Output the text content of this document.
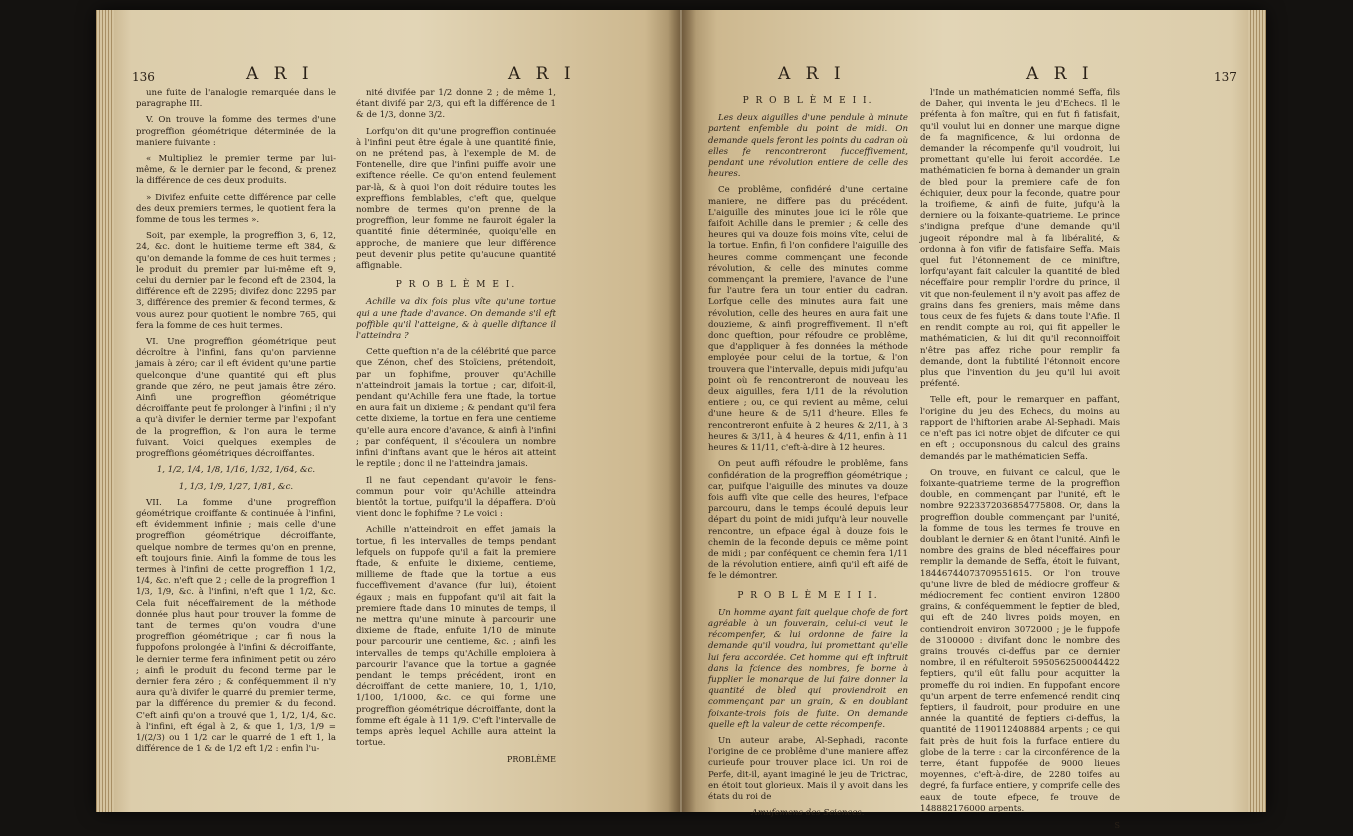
136	A R I	A R I

une fuite de l'analogie remarquée dans le paragraphe III.

V. On trouve la fomme des termes d'une progreffion géométrique déterminée de la maniere fuivante :

« Multipliez le premier terme par lui-même, & le dernier par le fecond, & prenez la différence de ces deux produits.

» Divifez enfuite cette différence par celle des deux premiers termes, le quotient fera la fomme de tous les termes ».

Soit, par exemple, la progreffion 3, 6, 12, 24, &c. dont le huitieme terme eft 384, & qu'on demande la fomme de ces huit termes ; le produit du premier par lui-même eft 9, celui du dernier par le fecond eft de 2304, la différence eft de 2295; divifez donc 2295 par 3, différence des premier & fecond termes, & vous aurez pour quotient le nombre 765, qui fera la fomme de ces huit termes.

VI. Une progreffion géométrique peut décroître à l'infini, fans qu'on parvienne jamais à zéro; car il eft évident qu'une partie quelconque d'une quantité qui eft plus grande que zéro, ne peut jamais être zéro. Ainfi une progreffion géométrique décroiffante peut fe prolonger à l'infini ; il n'y a qu'à divifer le dernier terme par l'expofant de la progreffion, & l'on aura le terme fuivant. Voici quelques exemples de progreffions géométriques décroiffantes.

1, 1/2, 1/4, 1/8, 1/16, 1/32, 1/64, &c.

1, 1/3, 1/9, 1/27, 1/81, &c.

VII. La fomme d'une progreffion géométrique croiffante & continuée à l'infini, eft évidemment infinie ; mais celle d'une progreffion géométrique décroiffante, quelque nombre de termes qu'on en prenne, eft toujours finie. Ainfi la fomme de tous les termes à l'infini de cette progreffion 1 1/2, 1/4, &c. n'eft que 2 ; celle de la progreffion 1 1/3, 1/9, &c. à l'infini, n'eft que 1 1/2, &c. Cela fuit néceffairement de la méthode donnée plus haut pour trouver la fomme de tant de termes qu'on voudra d'une progreffion géométrique ; car fi nous la fuppofons prolongée à l'infini & décroiffante, le dernier terme fera infiniment petit ou zéro ; ainfi le produit du fecond terme par le dernier fera zéro ; & conféquemment il n'y aura qu'à divifer le quarré du premier terme, par la différence du premier & du fecond. C'eft ainfi qu'on a trouvé que 1, 1/2, 1/4, &c. à l'infini, eft égal à 2, & que 1, 1/3, 1/9 = 1/(2/3) ou 1 1/2 car le quarré de 1 eft 1, la différence de 1 & de 1/2 eft 1/2 : enfin l'u-

nité divifée par 1/2 donne 2 ; de même 1, étant divifé par 2/3, qui eft la différence de 1 & de 1/3, donne 3/2.

Lorfqu'on dit qu'une progreffion continuée à l'infini peut être égale à une quantité finie, on ne prétend pas, à l'exemple de M. de Fontenelle, dire que l'infini puiffe avoir une exiftence réelle. Ce qu'on entend feulement par-là, & à quoi l'on doit réduire toutes les expreffions femblables, c'eft que, quelque nombre de termes qu'on prenne de la progreffion, leur fomme ne fauroit égaler la quantité finie déterminée, quoiqu'elle en approche, de maniere que leur différence peut devenir plus petite qu'aucune quantité affignable.

P R O B L È M E I.

Achille va dix fois plus vîte qu'une tortue qui a une ftade d'avance. On demande s'il eft poffible qu'il l'atteigne, & à quelle diftance il l'atteindra ?

Cette queftion n'a de la célébrité que parce que Zénon, chef des Stoïciens, prétendoit, par un fophifme, prouver qu'Achille n'atteindroit jamais la tortue ; car, difoit-il, pendant qu'Achille fera une ftade, la tortue en aura fait un dixieme ; & pendant qu'il fera cette dixieme, la tortue en fera une centieme qu'elle aura encore d'avance, & ainfi à l'infini ; par conféquent, il s'écoulera un nombre infini d'inftans avant que le héros ait atteint le reptile ; donc il ne l'atteindra jamais.

Il ne faut cependant qu'avoir le fens-commun pour voir qu'Achille atteindra bientôt la tortue, puifqu'il la dépaffera. D'où vient donc le fophifme ? Le voici :

Achille n'atteindroit en effet jamais la tortue, fi les intervalles de temps pendant lefquels on fuppofe qu'il a fait la premiere ftade, & enfuite le dixieme, centieme, millieme de ftade que la tortue a eus fucceffivement d'avance (fur lui), étoient égaux ; mais en fuppofant qu'il ait fait la premiere ftade dans 10 minutes de temps, il ne mettra qu'une minute à parcourir une dixieme de ftade, enfuite 1/10 de minute pour parcourir une centieme, &c. ; ainfi les intervalles de temps qu'Achille emploiera à parcourir l'avance que la tortue a gagnée pendant le temps précédent, iront en décroiffant de cette maniere, 10, 1, 1/10, 1/100, 1/1000, &c. ce qui forme une progreffion géométrique décroiffante, dont la fomme eft égale à 11 1/9. C'eft l'intervalle de temps après lequel Achille aura atteint la tortue.

PROBLÈME

A R I	A R I	137

P R O B L È M E I I.

Les deux aiguilles d'une pendule à minute partent enfemble du point de midi. On demande quels feront les points du cadran où elles fe rencontreront fucceffivement, pendant une révolution entiere de celle des heures.

Ce problême, confidéré d'une certaine maniere, ne differe pas du précédent. L'aiguille des minutes joue ici le rôle que faifoit Achille dans le premier ; & celle des heures qui va douze fois moins vîte, celui de la tortue. Enfin, fi l'on confidere l'aiguille des heures comme commençant une feconde révolution, & celle des minutes comme commençant la premiere, l'avance de l'une fur l'autre fera un tour entier du cadran. Lorfque celle des minutes aura fait une révolution, celle des heures en aura fait une douzieme, & ainfi progreffivement. Il n'eft donc queftion, pour réfoudre ce problême, que d'appliquer à fes données la méthode employée pour celui de la tortue, & l'on trouvera que l'intervalle, depuis midi jufqu'au point où fe rencontreront de nouveau les deux aiguilles, fera 1/11 de la révolution entiere ; ou, ce qui revient au même, celui d'une heure & de 5/11 d'heure. Elles fe rencontreront enfuite à 2 heures & 2/11, à 3 heures & 3/11, à 4 heures & 4/11, enfin à 11 heures & 11/11, c'eft-à-dire à 12 heures.

On peut auffi réfoudre le problême, fans confidération de la progreffion géométrique ; car, puifque l'aiguille des minutes va douze fois auffi vîte que celle des heures, l'efpace parcouru, dans le temps écoulé depuis leur départ du point de midi jufqu'à leur nouvelle rencontre, un efpace égal à douze fois le chemin de la feconde depuis ce même point de midi ; par conféquent ce chemin fera 1/11 de la révolution entiere, ainfi qu'il eft aifé de fe le démontrer.

P R O B L È M E I I I.

Un homme ayant fait quelque chofe de fort agréable à un fouverain, celui-ci veut le récompenfer, & lui ordonne de faire la demande qu'il voudra, lui promettant qu'elle lui fera accordée. Cet homme qui eft inftruit dans la fcience des nombres, fe borne à fupplier le monarque de lui faire donner la quantité de bled qui proviendroit en commençant par un grain, & en doublant foixante-trois fois de fuite. On demande quelle eft la valeur de cette récompenfe.

Un auteur arabe, Al-Sephadi, raconte l'origine de ce problême d'une maniere affez curieufe pour trouver place ici. Un roi de Perfe, dit-il, ayant imaginé le jeu de Trictrac, en étoit tout glorieux. Mais il y avoit dans les états du roi de

Amufemens des Sciences.

l'Inde un mathématicien nommé Seffa, fils de Daher, qui inventa le jeu d'Echecs. Il le préfenta à fon maître, qui en fut fi fatisfait, qu'il voulut lui en donner une marque digne de fa magnificence, & lui ordonna de demander la récompenfe qu'il voudroit, lui promettant qu'elle lui feroit accordée. Le mathématicien fe borna à demander un grain de bled pour la premiere cafe de fon échiquier, deux pour la feconde, quatre pour la troifieme, & ainfi de fuite, jufqu'à la derniere ou la foixante-quatrieme. Le prince s'indigna prefque d'une demande qu'il jugeoit répondre mal à fa libéralité, & ordonna à fon vifir de fatisfaire Seffa. Mais quel fut l'étonnement de ce miniftre, lorfqu'ayant fait calculer la quantité de bled néceffaire pour remplir l'ordre du prince, il vit que non-feulement il n'y avoit pas affez de grains dans fes greniers, mais même dans tous ceux de fes fujets & dans toute l'Afie. Il en rendit compte au roi, qui fit appeller le mathématicien, & lui dit qu'il reconnoiffoit n'être pas affez riche pour remplir fa demande, dont la fubtilité l'étonnoit encore plus que l'invention du jeu qu'il lui avoit préfenté.

Telle eft, pour le remarquer en paffant, l'origine du jeu des Echecs, du moins au rapport de l'hiftorien arabe Al-Sephadi. Mais ce n'eft pas ici notre objet de difcuter ce qui en eft ; occuponsnous du calcul des grains demandés par le mathématicien Seffa.

On trouve, en fuivant ce calcul, que le foixante-quatrieme terme de la progreffion double, en commençant par l'unité, eft le nombre 9223372036854775808. Or, dans la progreffion double commençant par l'unité, la fomme de tous les termes fe trouve en doublant le dernier & en ôtant l'unité. Ainfi le nombre des grains de bled néceffaires pour remplir la demande de Seffa, étoit le fuivant, 18446744073709551615. Or l'on trouve qu'une livre de bled de médiocre groffeur & médiocrement fec contient environ 12800 grains, & conféquemment le feptier de bled, qui eft de 240 livres poids moyen, en contiendroit environ 3072000 ; je le fuppofe de 3100000 : divifant donc le nombre des grains trouvés ci-deffus par ce dernier nombre, il en réfulteroit 5950562500044422 feptiers, qu'il eût fallu pour acquitter la promeffe du roi indien. En fuppofant encore qu'un arpent de terre enfemencé rendit cinq feptiers, il faudroit, pour produire en une année la quantité de feptiers ci-deffus, la quantité de 1190112408884 arpents ; ce qui fait près de huit fois la furface entiere du globe de la terre : car la circonférence de la terre, étant fuppofée de 9000 lieues moyennes, c'eft-à-dire, de 2280 toifes au degré, fa furface entiere, y comprife celle des eaux de toute efpece, fe trouve de 148882176000 arpents.

S
